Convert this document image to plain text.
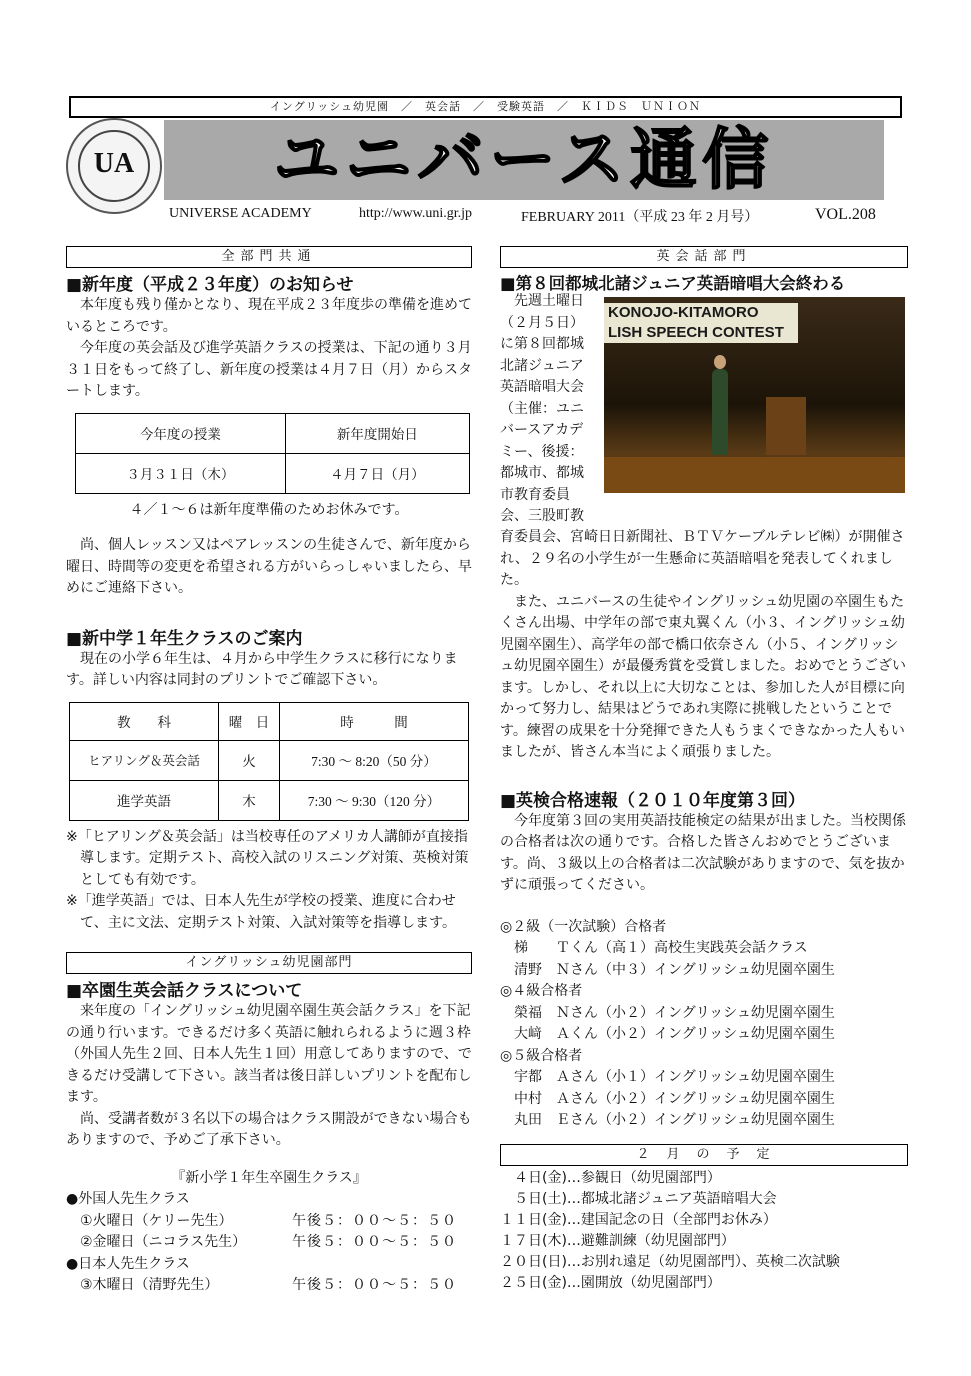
イングリッシュ幼児園　／　英会話　／　受験英語　／　ＫＩＤＳ　ＵＮＩＯＮ
UA	ユニバース通信
UNIVERSE ACADEMY	http://www.uni.gr.jp	FEBRUARY 2011（平成 23 年 2 月号）	VOL.208
全部門共通
■新年度（平成２３年度）のお知らせ
　本年度も残り僅かとなり、現在平成２３年度歩の準備を進めているところです。
　今年度の英会話及び進学英語クラスの授業は、下記の通り３月３１日をもって終了し、新年度の授業は４月７日（月）からスタートします。
今年度の授業	新年度開始日
３月３１日（木）	４月７日（月）
４／１～６は新年度準備のためお休みです。
　尚、個人レッスン又はペアレッスンの生徒さんで、新年度から曜日、時間等の変更を希望される方がいらっしゃいましたら、早めにご連絡下さい。
■新中学１年生クラスのご案内
　現在の小学６年生は、４月から中学生クラスに移行になります。詳しい内容は同封のプリントでご確認下さい。
教　　科	曜　日	時　　　間
ヒアリング＆英会話	火	7:30 ～ 8:20（50 分）
進学英語	木	7:30 ～ 9:30（120 分）
※「ヒアリング＆英会話」は当校専任のアメリカ人講師が直接指導します。定期テスト、高校入試のリスニング対策、英検対策としても有効です。
※「進学英語」では、日本人先生が学校の授業、進度に合わせて、主に文法、定期テスト対策、入試対策等を指導します。
イングリッシュ幼児園部門
■卒園生英会話クラスについて
　来年度の「イングリッシュ幼児園卒園生英会話クラス」を下記の通り行います。できるだけ多く英語に触れられるように週３枠（外国人先生２回、日本人先生１回）用意してありますので、できるだけ受講して下さい。該当者は後日詳しいプリントを配布します。
　尚、受講者数が３名以下の場合はクラス開設ができない場合もありますので、予めご了承下さい。
『新小学１年生卒園生クラス』
●外国人先生クラス
①火曜日（ケリー先生）	午後５：００～５：５０
②金曜日（ニコラス先生）	午後５：００～５：５０
●日本人先生クラス
③木曜日（清野先生）	午後５：００～５：５０
英会話部門
■第８回都城北諸ジュニア英語暗唱大会終わる
KONOJO-KITAMORO
LISH SPEECH CONTEST
先週土曜日
（２月５日）
に第８回都城
北諸ジュニア
英語暗唱大会
（主催：ユニ
バースアカデ
ミー、後援：
都城市、都城
市教育委員
会、三股町教
育委員会、宮崎日日新聞社、ＢＴＶケーブルテレビ㈱）が開催され、２９名の小学生が一生懸命に英語暗唱を発表してくれました。
　また、ユニバースの生徒やイングリッシュ幼児園の卒園生もたくさん出場、中学年の部で東丸翼くん（小３、イングリッシュ幼児園卒園生）、高学年の部で橋口依奈さん（小５、イングリッシュ幼児園卒園生）が最優秀賞を受賞しました。おめでとうございます。しかし、それ以上に大切なことは、参加した人が目標に向かって努力し、結果はどうであれ実際に挑戦したということです。練習の成果を十分発揮できた人もうまくできなかった人もいましたが、皆さん本当によく頑張りました。
■英検合格速報（２０１０年度第３回）
　今年度第３回の実用英語技能検定の結果が出ました。当校関係の合格者は次の通りです。合格した皆さんおめでとうございます。尚、３級以上の合格者は二次試験がありますので、気を抜かずに頑張ってください。
◎２級（一次試験）合格者
　梯　　Ｔくん（高１）高校生実践英会話クラス
　清野　Ｎさん（中３）イングリッシュ幼児園卒園生
◎４級合格者
　榮福　Ｎさん（小２）イングリッシュ幼児園卒園生
　大﨑　Ａくん（小２）イングリッシュ幼児園卒園生
◎５級合格者
　宇都　Ａさん（小１）イングリッシュ幼児園卒園生
　中村　Ａさん（小２）イングリッシュ幼児園卒園生
　丸田　Ｅさん（小２）イングリッシュ幼児園卒園生
２　月　の　予　定
　４日(金)…参観日（幼児園部門）
　５日(土)…都城北諸ジュニア英語暗唱大会
１１日(金)…建国記念の日（全部門お休み）
１７日(木)…避難訓練（幼児園部門）
２０日(日)…お別れ遠足（幼児園部門）、英検二次試験
２５日(金)…園開放（幼児園部門）
